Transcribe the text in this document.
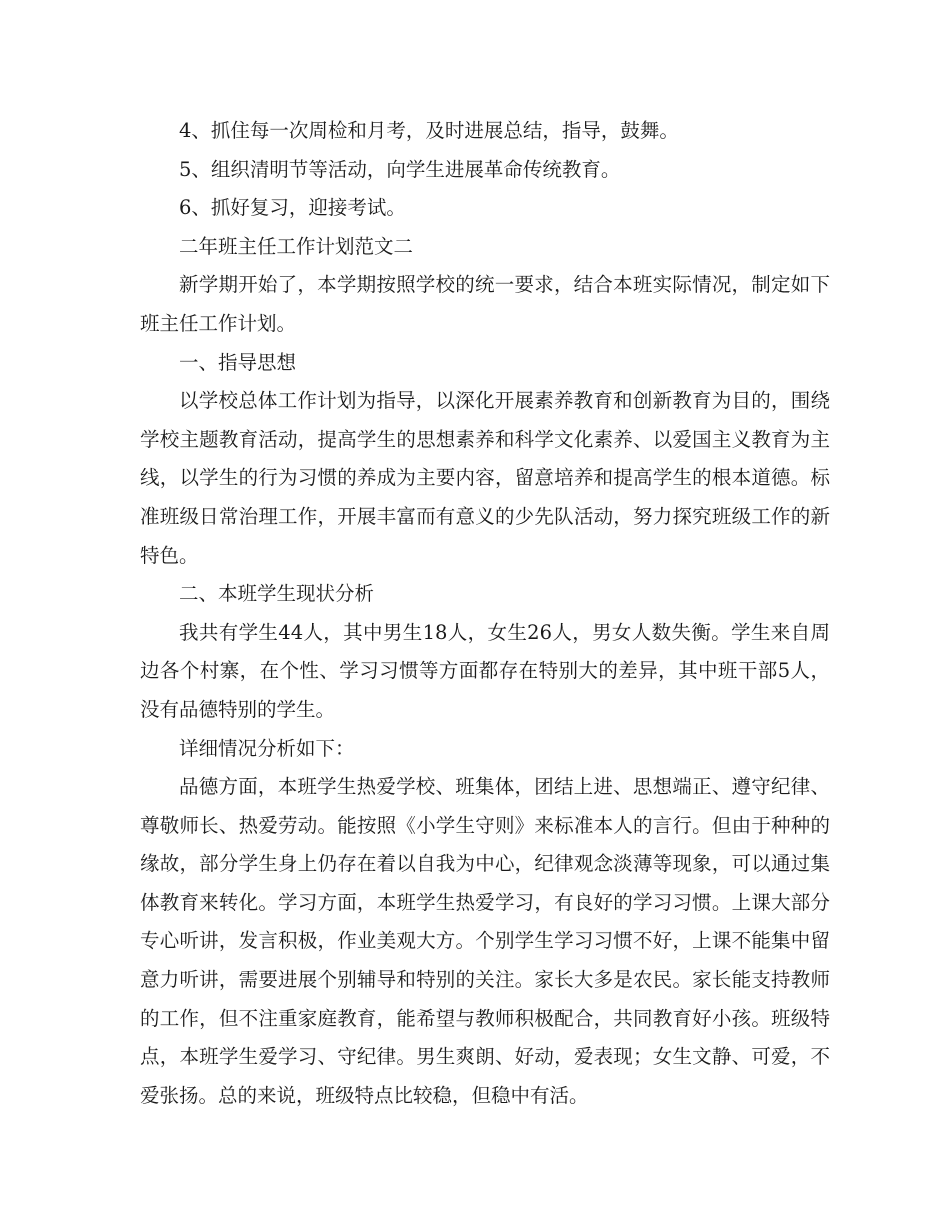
4、抓住每一次周检和月考，及时进展总结，指导，鼓舞。

5、组织清明节等活动，向学生进展革命传统教育。

6、抓好复习，迎接考试。

二年班主任工作计划范文二

新学期开始了，本学期按照学校的统一要求，结合本班实际情况，制定如下班主任工作计划。

一、指导思想

以学校总体工作计划为指导，以深化开展素养教育和创新教育为目的，围绕学校主题教育活动，提高学生的思想素养和科学文化素养、以爱国主义教育为主线，以学生的行为习惯的养成为主要内容，留意培养和提高学生的根本道德。标准班级日常治理工作，开展丰富而有意义的少先队活动，努力探究班级工作的新特色。

二、本班学生现状分析

我共有学生44人，其中男生18人，女生26人，男女人数失衡。学生来自周边各个村寨，在个性、学习习惯等方面都存在特别大的差异，其中班干部5人，没有品德特别的学生。

详细情况分析如下：

品德方面，本班学生热爱学校、班集体，团结上进、思想端正、遵守纪律、尊敬师长、热爱劳动。能按照《小学生守则》来标准本人的言行。但由于种种的缘故，部分学生身上仍存在着以自我为中心，纪律观念淡薄等现象，可以通过集体教育来转化。学习方面，本班学生热爱学习，有良好的学习习惯。上课大部分专心听讲，发言积极，作业美观大方。个别学生学习习惯不好，上课不能集中留意力听讲，需要进展个别辅导和特别的关注。家长大多是农民。家长能支持教师的工作，但不注重家庭教育，能希望与教师积极配合，共同教育好小孩。班级特点，本班学生爱学习、守纪律。男生爽朗、好动，爱表现；女生文静、可爱，不爱张扬。总的来说，班级特点比较稳，但稳中有活。
